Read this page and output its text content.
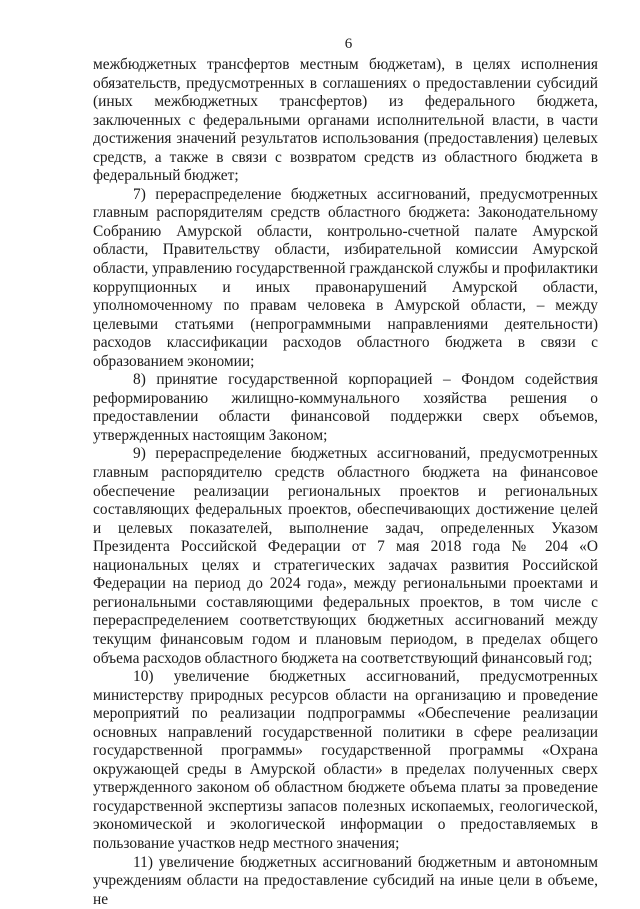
6

межбюджетных трансфертов местным бюджетам), в целях исполнения обязательств, предусмотренных в соглашениях о предоставлении субсидий (иных межбюджетных трансфертов) из федерального бюджета, заключенных с федеральными органами исполнительной власти, в части достижения значений результатов использования (предоставления) целевых средств, а также в связи с возвратом средств из областного бюджета в федеральный бюджет;

7) перераспределение бюджетных ассигнований, предусмотренных главным распорядителям средств областного бюджета: Законодательному Собранию Амурской области, контрольно-счетной палате Амурской области, Правительству области, избирательной комиссии Амурской области, управлению государственной гражданской службы и профилактики коррупционных и иных правонарушений Амурской области, уполномоченному по правам человека в Амурской области, – между целевыми статьями (непрограммными направлениями деятельности) расходов классификации расходов областного бюджета в связи с образованием экономии;

8) принятие государственной корпорацией – Фондом содействия реформированию жилищно-коммунального хозяйства решения о предоставлении области финансовой поддержки сверх объемов, утвержденных настоящим Законом;

9) перераспределение бюджетных ассигнований, предусмотренных главным распорядителю средств областного бюджета на финансовое обеспечение реализации региональных проектов и региональных составляющих федеральных проектов, обеспечивающих достижение целей и целевых показателей, выполнение задач, определенных Указом Президента Российской Федерации от 7 мая 2018 года № 204 «О национальных целях и стратегических задачах развития Российской Федерации на период до 2024 года», между региональными проектами и региональными составляющими федеральных проектов, в том числе с перераспределением соответствующих бюджетных ассигнований между текущим финансовым годом и плановым периодом, в пределах общего объема расходов областного бюджета на соответствующий финансовый год;

10) увеличение бюджетных ассигнований, предусмотренных министерству природных ресурсов области на организацию и проведение мероприятий по реализации подпрограммы «Обеспечение реализации основных направлений государственной политики в сфере реализации государственной программы» государственной программы «Охрана окружающей среды в Амурской области» в пределах полученных сверх утвержденного законом об областном бюджете объема платы за проведение государственной экспертизы запасов полезных ископаемых, геологической, экономической и экологической информации о предоставляемых в пользование участков недр местного значения;

11) увеличение бюджетных ассигнований бюджетным и автономным учреждениям области на предоставление субсидий на иные цели в объеме, не
